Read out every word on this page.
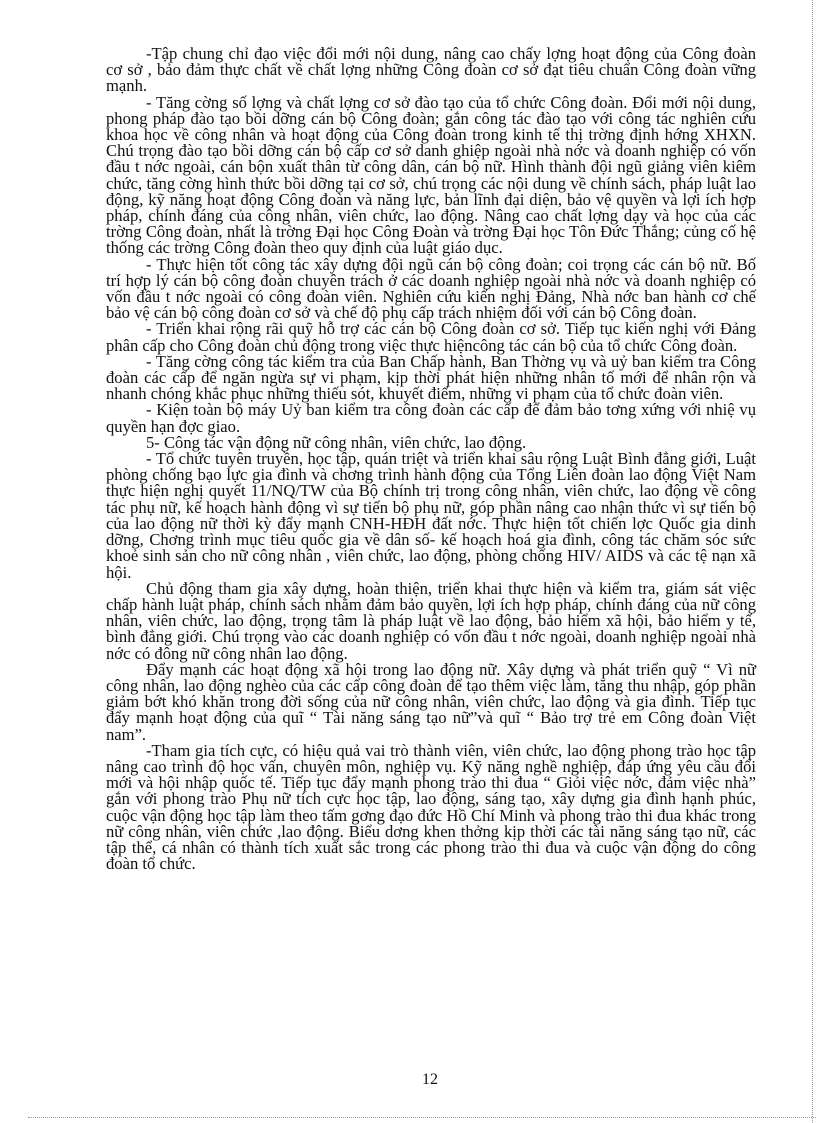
-Tập chung chỉ đạo việc đổi mới nội dung, nâng cao chấy lợng hoạt động của Công đoàn cơ sở , bảo đảm thực chất về chất lợng những Công đoàn cơ sở đạt tiêu chuẩn Công đoàn vững mạnh.

- Tăng cờng số lợng và chất lợng cơ sở đào tạo của tổ chức Công đoàn. Đổi mới nội dung, phong pháp đào tạo bồi dỡng cán bộ Công đoàn; gắn công tác đào tạo với công tác nghiên cứu khoa học về công nhân và hoạt động của Công đoàn trong kinh tế thị trờng định hớng XHXN. Chú trọng đào tạo bồi dỡng cán bộ cấp cơ sở danh ghiệp ngoài nhà nớc và doanh nghiệp có vốn đầu t nớc ngoài, cán bộn xuất thân từ công dân, cán bộ nữ. Hình thành đội ngũ giảng viên kiêm chức, tăng cờng hình thức bồi dỡng tại cơ sở, chú trọng các nội dung về chính sách, pháp luật lao động, kỹ năng hoạt động Công đoàn và năng lực, bản lĩnh đại diện, bảo vệ quyền và lợi ích hợp pháp, chính đáng của công nhân, viên chức, lao động. Nâng cao chất lợng dạy và học của các trờng Công đoàn, nhất là trờng Đại học Công Đoàn và trờng Đại học Tôn Đức Thắng; củng cố hệ thống các trờng Công đoàn theo quy định của luật giáo dục.

- Thực hiện tốt công tác xây dựng đội ngũ cán bộ công đoàn; coi trọng các cán bộ nữ. Bố trí hợp lý cán bộ công đoàn chuyên trách ở các doanh nghiệp ngoài nhà nớc và doanh nghiệp có vốn đầu t nớc ngoài có công đoàn viên. Nghiên cứu kiến nghị Đảng, Nhà nớc ban hành cơ chế bảo vệ cán bộ công đoàn cơ sở và chế độ phụ cấp trách nhiệm đối với cán bộ Công đoàn.

- Triển khai rộng rãi quỹ hỗ trợ các cán bộ Công đoàn cơ sở. Tiếp tục kiến nghị với Đảng phân cấp cho Công đoàn chủ động trong việc thực hiệncông tác cán bộ của tổ chức Công đoàn.

- Tăng cờng công tác kiểm tra của Ban Chấp hành, Ban Thờng vụ và uỷ ban kiểm tra Công đoàn các cấp để ngăn ngừa sự vi phạm, kịp thời phát hiện những nhân tố mới để nhân rộn và nhanh chóng khắc phục những thiếu sót, khuyết điểm, những vi phạm của tổ chức đoàn viên.

- Kiện toàn bộ máy Uỷ ban kiểm tra công đoàn các cấp để đảm bảo tơng xứng với nhiệ vụ quyền hạn đợc giao.

5- Công tác vận động nữ công nhân, viên chức, lao động.

- Tổ chức tuyên truyền, học tập, quán triệt và triển khai sâu rộng Luật Bình đẳng giới, Luật phòng chống bạo lực gia đình và chơng trình hành động của Tổng Liên đoàn lao động Việt Nam thực hiện nghị quyết 11/NQ/TW của Bộ chính trị trong công nhân, viên chức, lao động về công tác phụ nữ, kế hoạch hành động vì sự tiến bộ phụ nữ, góp phần nâng cao nhận thức vì sự tiến bộ của lao động nữ thời kỳ đẩy mạnh CNH-HĐH đất nớc. Thực hiện tốt chiến lợc Quốc gia dinh dỡng, Chơng trình mục tiêu quốc gia về dân số- kế hoạch hoá gia đình, công tác chăm sóc sức khoẻ sinh sản cho nữ công nhân , viên chức, lao động, phòng chống HIV/ AIDS và các tệ nạn xã hội.

Chủ động tham gia xây dựng, hoàn thiện, triển khai thực hiện và kiểm tra, giám sát việc chấp hành luật pháp, chính sách nhằm đảm bảo quyền, lợi ích hợp pháp, chính đáng của nữ công nhân, viên chức, lao động, trọng tâm là pháp luật về lao động, bảo hiểm xã hội, bảo hiểm y tế, bình đẳng giới. Chú trọng vào các doanh nghiệp có vốn đầu t nớc ngoài, doanh nghiệp ngoài nhà nớc có đông nữ công nhân lao động.

Đẩy mạnh các hoạt động xã hội trong lao động nữ. Xây dựng và phát triển quỹ “ Vì nữ công nhân, lao động nghèo của các cấp công đoàn để tạo thêm việc làm, tăng thu nhập, góp phần giảm bớt khó khăn trong đời sống của nữ công nhân, viên chức, lao động và gia đình. Tiếp tục đẩy mạnh hoạt động của quĩ “ Tài năng sáng tạo nữ”và quĩ “ Bảo trợ trẻ em Công đoàn Việt nam”.

-Tham gia tích cực, có hiệu quả vai trò thành viên, viên chức, lao động phong trào học tập nâng cao trình độ học vấn, chuyên môn, nghiệp vụ. Kỹ năng nghề nghiệp, đáp ứng yêu cầu đổi mới và hội nhập quốc tế. Tiếp tục đẩy mạnh phong trào thi đua “ Giỏi việc nớc, đảm việc nhà” gắn với phong trào Phụ nữ tích cực học tập, lao động, sáng tạo, xây dựng gia đình hạnh phúc, cuộc vận động học tập làm theo tấm gơng đạo đức Hồ Chí Minh và phong trào thi đua khác trong nữ công nhân, viên chức ,lao động. Biểu dơng khen thởng kịp thời các tài năng sáng tạo nữ, các tập thể, cá nhân có thành tích xuất sắc trong các phong trào thi đua và cuộc vận động do công đoàn tổ chức.

12
